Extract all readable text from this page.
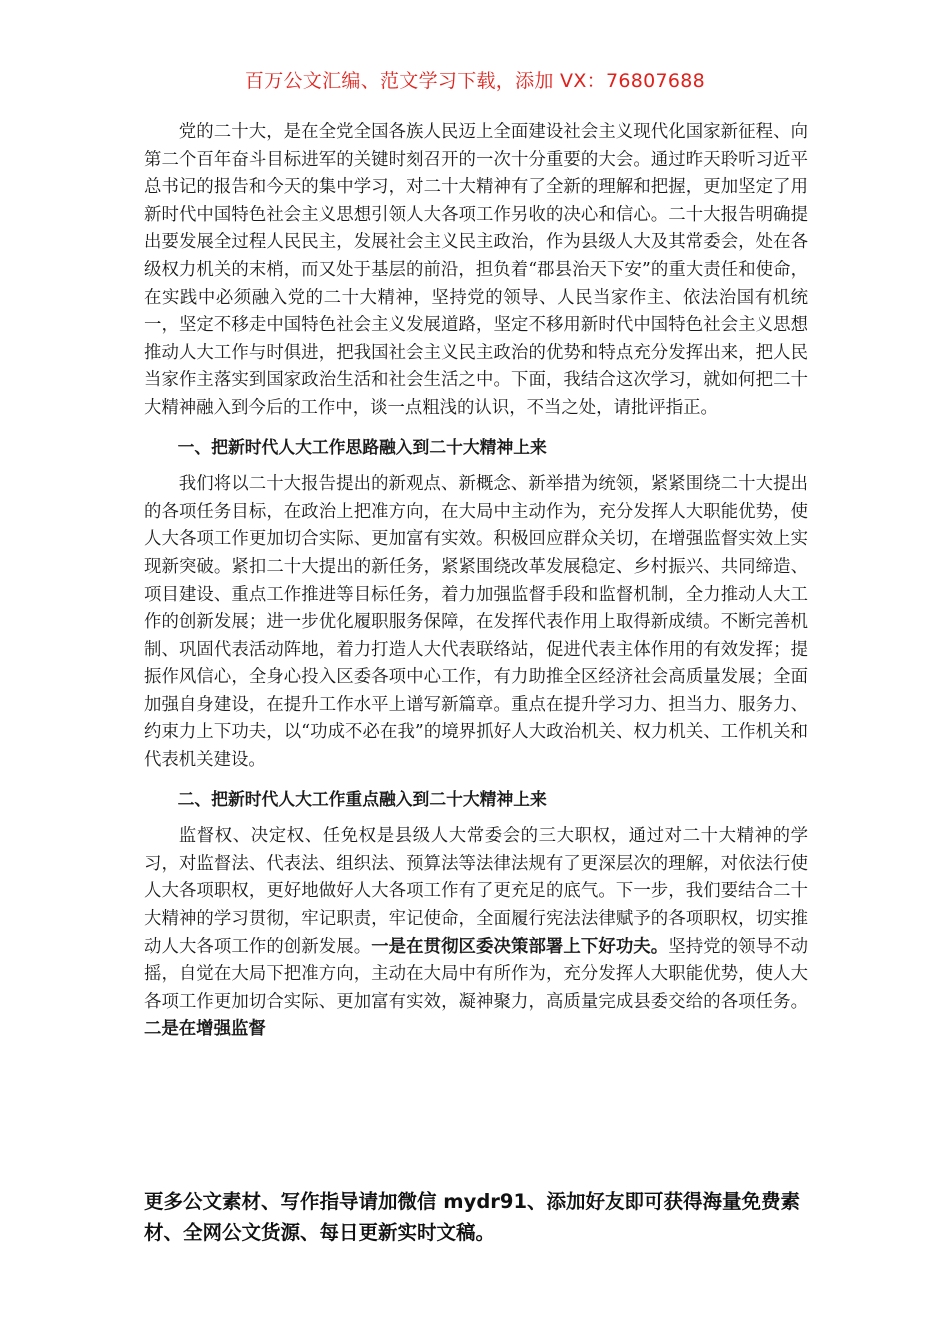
百万公文汇编、范文学习下载，添加 VX：76807688

党的二十大，是在全党全国各族人民迈上全面建设社会主义现代化国家新征程、向第二个百年奋斗目标进军的关键时刻召开的一次十分重要的大会。通过昨天聆听习近平总书记的报告和今天的集中学习，对二十大精神有了全新的理解和把握，更加坚定了用新时代中国特色社会主义思想引领人大各项工作另收的决心和信心。二十大报告明确提出要发展全过程人民民主，发展社会主义民主政治，作为县级人大及其常委会，处在各级权力机关的末梢，而又处于基层的前沿，担负着“郡县治天下安”的重大责任和使命，在实践中必须融入党的二十大精神，坚持党的领导、人民当家作主、依法治国有机统一，坚定不移走中国特色社会主义发展道路，坚定不移用新时代中国特色社会主义思想推动人大工作与时俱进，把我国社会主义民主政治的优势和特点充分发挥出来，把人民当家作主落实到国家政治生活和社会生活之中。下面，我结合这次学习，就如何把二十大精神融入到今后的工作中，谈一点粗浅的认识，不当之处，请批评指正。

一、把新时代人大工作思路融入到二十大精神上来

我们将以二十大报告提出的新观点、新概念、新举措为统领，紧紧围绕二十大提出的各项任务目标，在政治上把准方向，在大局中主动作为，充分发挥人大职能优势，使人大各项工作更加切合实际、更加富有实效。积极回应群众关切，在增强监督实效上实现新突破。紧扣二十大提出的新任务，紧紧围绕改革发展稳定、乡村振兴、共同缔造、项目建设、重点工作推进等目标任务，着力加强监督手段和监督机制，全力推动人大工作的创新发展；进一步优化履职服务保障，在发挥代表作用上取得新成绩。不断完善机制、巩固代表活动阵地，着力打造人大代表联络站，促进代表主体作用的有效发挥；提振作风信心，全身心投入区委各项中心工作，有力助推全区经济社会高质量发展；全面加强自身建设，在提升工作水平上谱写新篇章。重点在提升学习力、担当力、服务力、约束力上下功夫，以“功成不必在我”的境界抓好人大政治机关、权力机关、工作机关和代表机关建设。

二、把新时代人大工作重点融入到二十大精神上来

监督权、决定权、任免权是县级人大常委会的三大职权，通过对二十大精神的学习，对监督法、代表法、组织法、预算法等法律法规有了更深层次的理解，对依法行使人大各项职权，更好地做好人大各项工作有了更充足的底气。下一步，我们要结合二十大精神的学习贯彻，牢记职责，牢记使命，全面履行宪法法律赋予的各项职权，切实推动人大各项工作的创新发展。一是在贯彻区委决策部署上下好功夫。坚持党的领导不动摇，自觉在大局下把准方向，主动在大局中有所作为，充分发挥人大职能优势，使人大各项工作更加切合实际、更加富有实效，凝神聚力，高质量完成县委交给的各项任务。二是在增强监督

更多公文素材、写作指导请加微信 mydr91、添加好友即可获得海量免费素材、全网公文货源、每日更新实时文稿。
